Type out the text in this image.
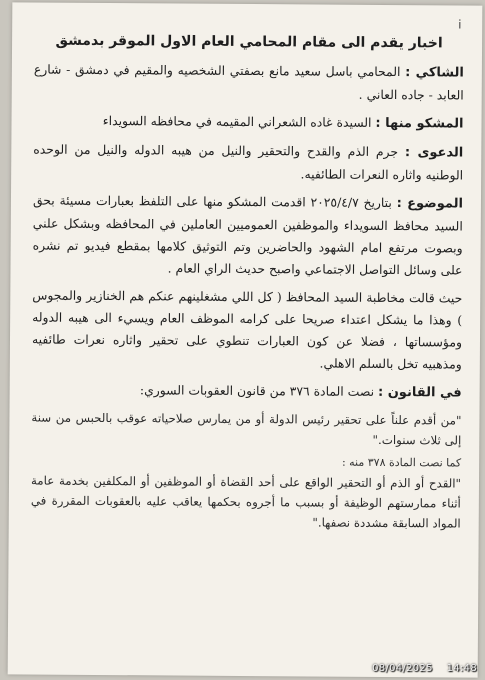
ⅰ
اخبار يقدم الى مقام المحامي العام الاول الموقر بدمشق
الشاكي : المحامي باسل سعيد مانع بصفتي الشخصيه والمقيم في دمشق - شارع العابد - جاده العاني .
المشكو منها : السيدة غاده الشعراني المقيمه في محافظه السويداء
الدعوى : جرم الذم والقدح والتحقير والنيل من هيبه الدوله والنيل من الوحده الوطنيه واثاره النعرات الطائفيه.
الموضوع : بتاريخ ٢٠٢٥/٤/٧ اقدمت المشكو منها على التلفظ بعبارات مسيئة بحق السيد محافظ السويداء والموظفين العموميين العاملين في المحافظه وبشكل علني وبصوت مرتفع امام الشهود والحاضرين وتم التوثيق كلامها بمقطع فيديو تم نشره على وسائل التواصل الاجتماعي واصبح حديث الراي العام .
حيث قالت مخاطبة السيد المحافظ ( كل اللي مشغلينهم عنكم هم الخنازير والمجوس ) وهذا ما يشكل اعتداء صريحا على كرامه الموظف العام ويسيء الى هيبه الدوله ومؤسساتها ، فضلا عن كون العبارات تنطوي على تحقير واثاره نعرات طائفيه ومذهبيه تخل بالسلم الاهلي.
في القانون : نصت المادة ٣٧٦ من قانون العقوبات السوري:
"من أقدم علناً على تحقير رئيس الدولة أو من يمارس صلاحياته عوقب بالحبس من سنة إلى ثلاث سنوات."
كما نصت المادة ٣٧٨ منه :
"القدح أو الذم أو التحقير الواقع على أحد القضاة أو الموظفين أو المكلفين بخدمة عامة أثناء ممارستهم الوظيفة أو بسبب ما أجروه بحكمها يعاقب عليه بالعقوبات المقررة في المواد السابقة مشددة نصفها."
08/04/2025 14:48
